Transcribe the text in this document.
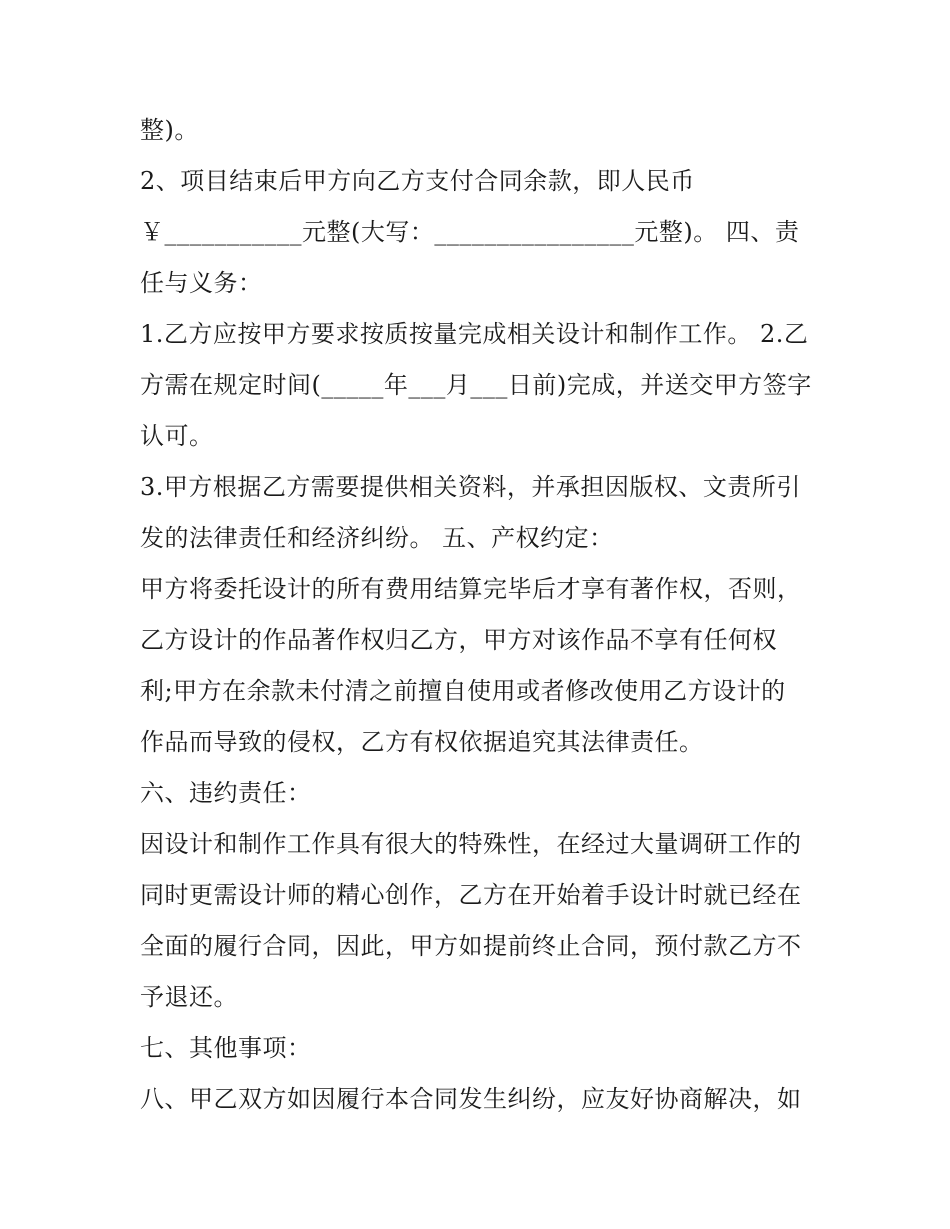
整)。
2、项目结束后甲方向乙方支付合同余款，即人民币
￥___________元整(大写：________________元整)。 四、责
任与义务：
1.乙方应按甲方要求按质按量完成相关设计和制作工作。 2.乙
方需在规定时间(_____年___月___日前)完成，并送交甲方签字
认可。
3.甲方根据乙方需要提供相关资料，并承担因版权、文责所引
发的法律责任和经济纠纷。 五、产权约定：
甲方将委托设计的所有费用结算完毕后才享有著作权，否则，
乙方设计的作品著作权归乙方，甲方对该作品不享有任何权
利;甲方在余款未付清之前擅自使用或者修改使用乙方设计的
作品而导致的侵权，乙方有权依据追究其法律责任。
六、违约责任：
因设计和制作工作具有很大的特殊性，在经过大量调研工作的
同时更需设计师的精心创作，乙方在开始着手设计时就已经在
全面的履行合同，因此，甲方如提前终止合同，预付款乙方不
予退还。
七、其他事项：
八、甲乙双方如因履行本合同发生纠纷，应友好协商解决，如
